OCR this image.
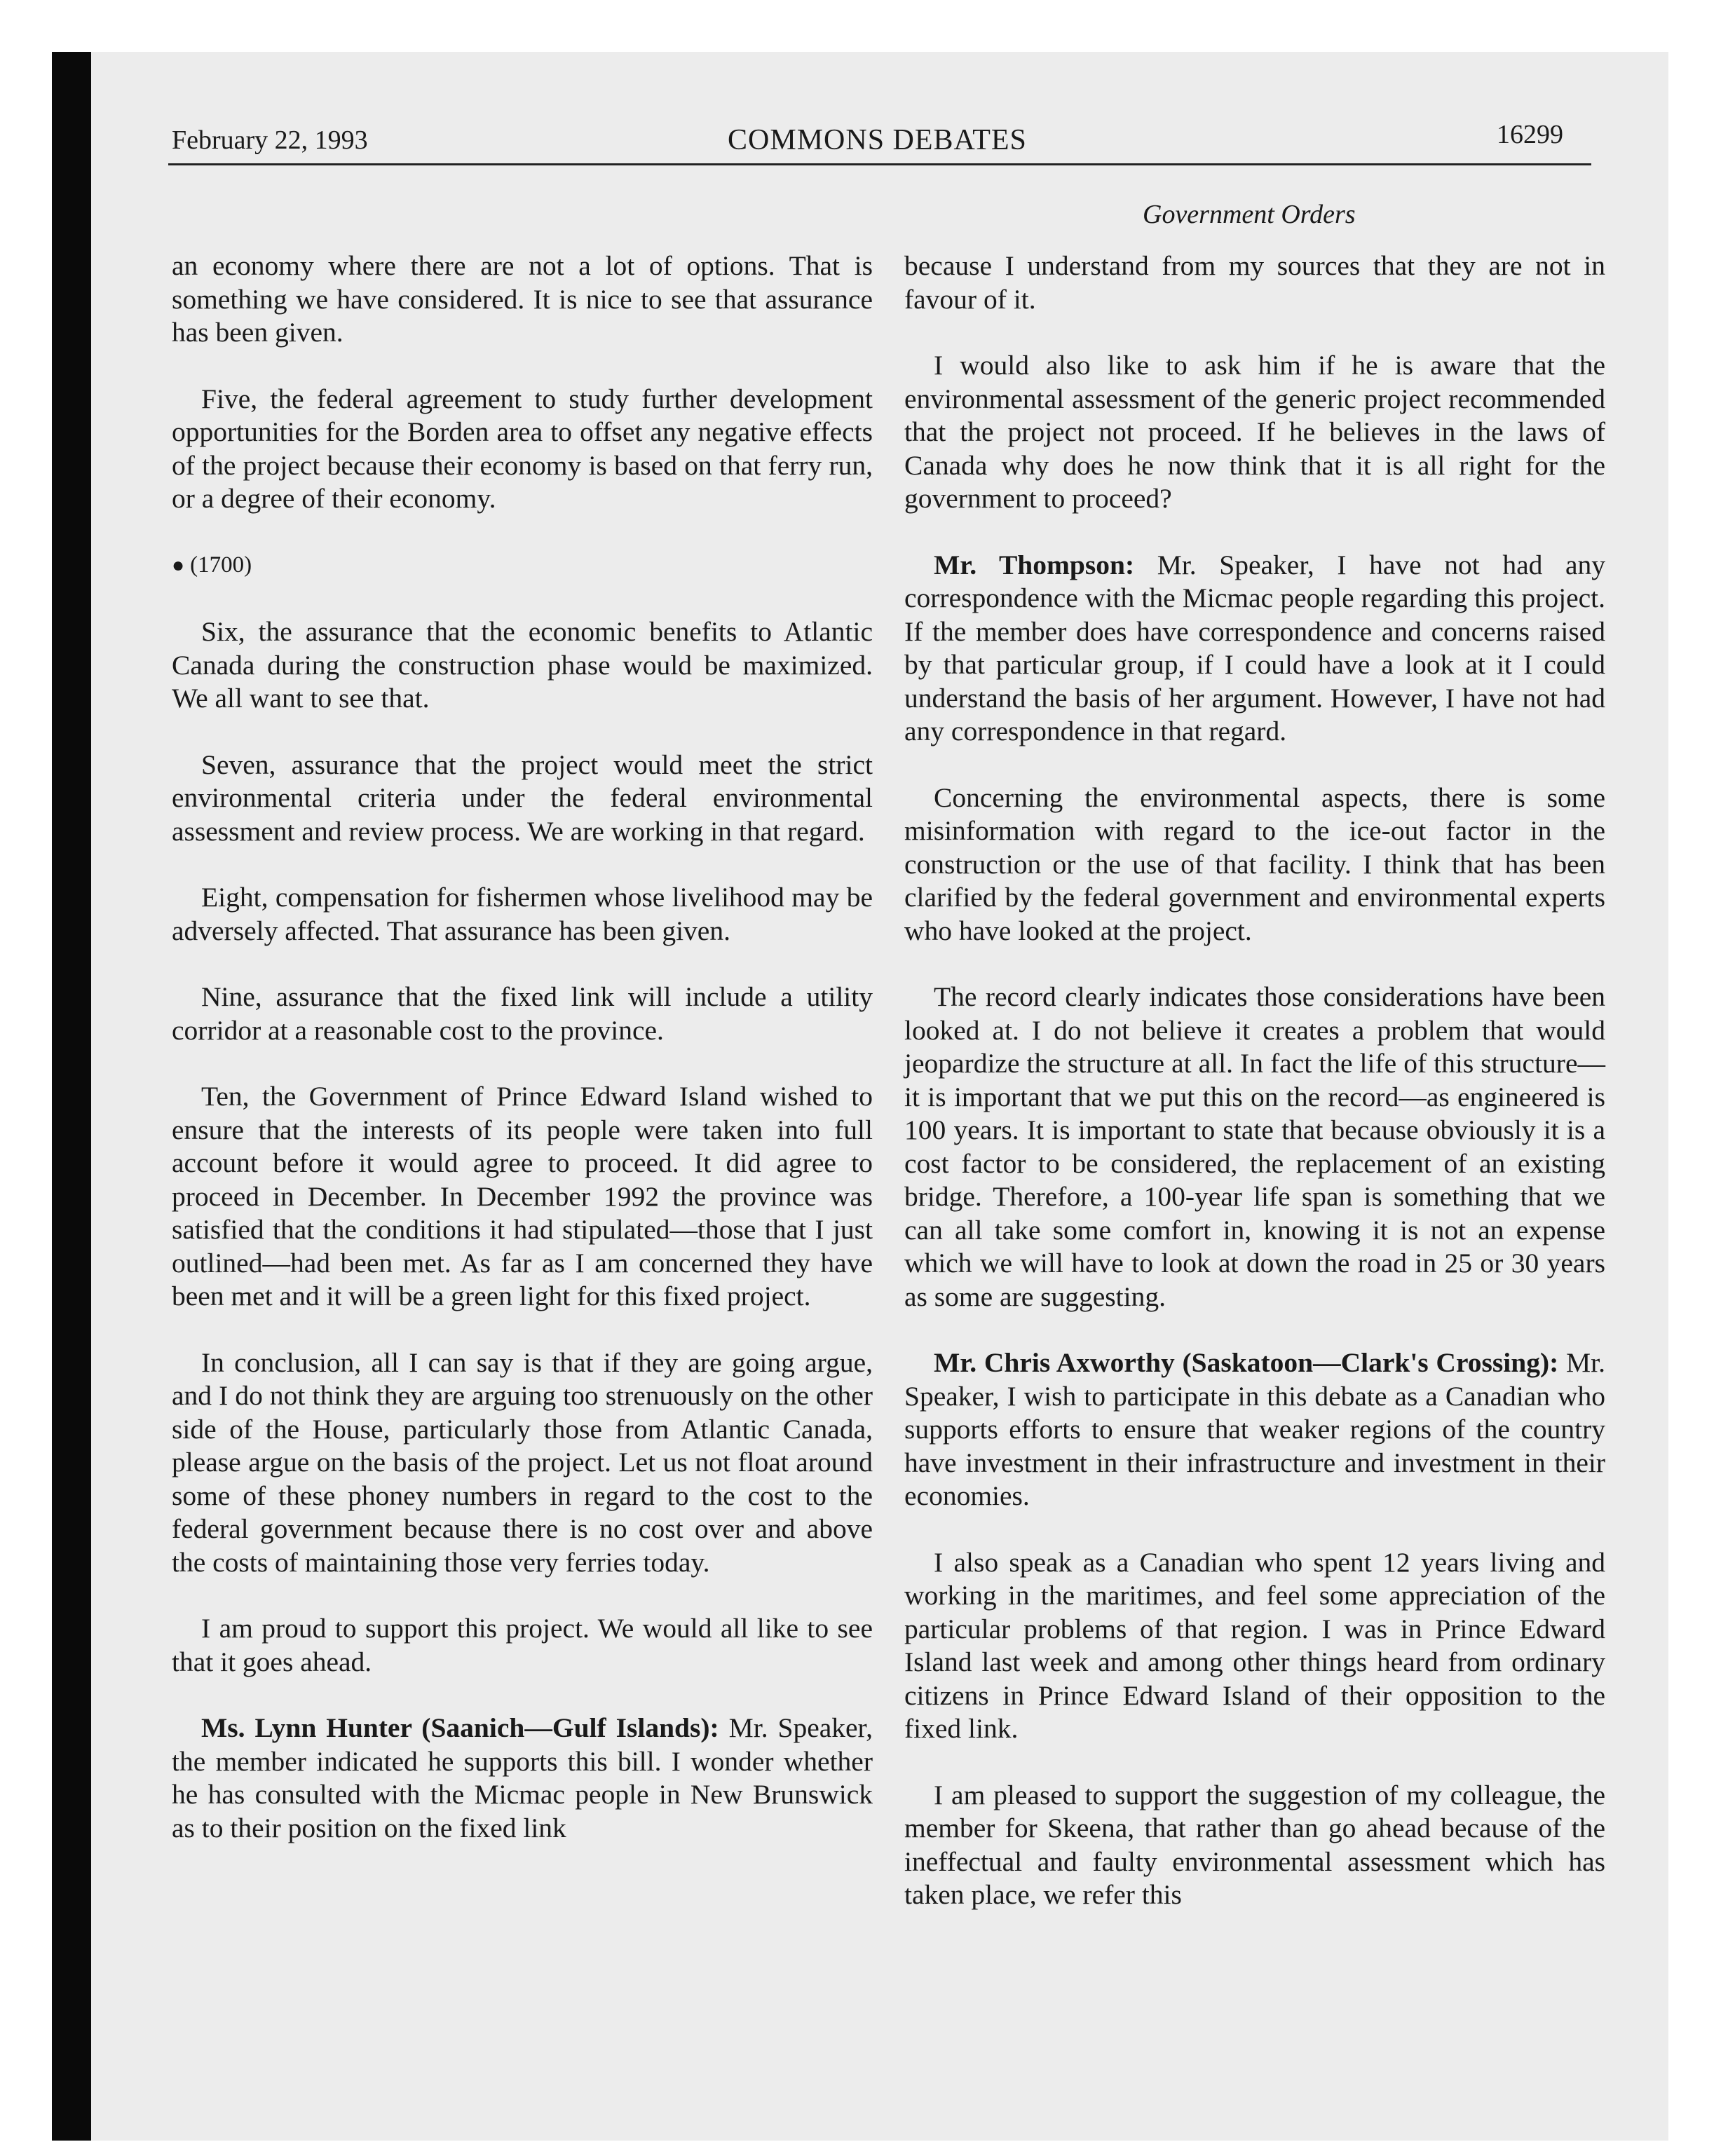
February 22, 1993	COMMONS DEBATES	16299
Government Orders

an economy where there are not a lot of options. That is something we have considered. It is nice to see that assurance has been given.

Five, the federal agreement to study further development opportunities for the Borden area to offset any negative effects of the project because their economy is based on that ferry run, or a degree of their economy.

● (1700)

Six, the assurance that the economic benefits to Atlantic Canada during the construction phase would be maximized. We all want to see that.

Seven, assurance that the project would meet the strict environmental criteria under the federal environmental assessment and review process. We are working in that regard.

Eight, compensation for fishermen whose livelihood may be adversely affected. That assurance has been given.

Nine, assurance that the fixed link will include a utility corridor at a reasonable cost to the province.

Ten, the Government of Prince Edward Island wished to ensure that the interests of its people were taken into full account before it would agree to proceed. It did agree to proceed in December. In December 1992 the province was satisfied that the conditions it had stipulated—those that I just outlined—had been met. As far as I am concerned they have been met and it will be a green light for this fixed project.

In conclusion, all I can say is that if they are going argue, and I do not think they are arguing too strenuously on the other side of the House, particularly those from Atlantic Canada, please argue on the basis of the project. Let us not float around some of these phoney numbers in regard to the cost to the federal government because there is no cost over and above the costs of maintaining those very ferries today.

I am proud to support this project. We would all like to see that it goes ahead.

Ms. Lynn Hunter (Saanich—Gulf Islands): Mr. Speaker, the member indicated he supports this bill. I wonder whether he has consulted with the Micmac people in New Brunswick as to their position on the fixed link

because I understand from my sources that they are not in favour of it.

I would also like to ask him if he is aware that the environmental assessment of the generic project recommended that the project not proceed. If he believes in the laws of Canada why does he now think that it is all right for the government to proceed?

Mr. Thompson: Mr. Speaker, I have not had any correspondence with the Micmac people regarding this project. If the member does have correspondence and concerns raised by that particular group, if I could have a look at it I could understand the basis of her argument. However, I have not had any correspondence in that regard.

Concerning the environmental aspects, there is some misinformation with regard to the ice-out factor in the construction or the use of that facility. I think that has been clarified by the federal government and environmental experts who have looked at the project.

The record clearly indicates those considerations have been looked at. I do not believe it creates a problem that would jeopardize the structure at all. In fact the life of this structure—it is important that we put this on the record—as engineered is 100 years. It is important to state that because obviously it is a cost factor to be considered, the replacement of an existing bridge. Therefore, a 100-year life span is something that we can all take some comfort in, knowing it is not an expense which we will have to look at down the road in 25 or 30 years as some are suggesting.

Mr. Chris Axworthy (Saskatoon—Clark's Crossing): Mr. Speaker, I wish to participate in this debate as a Canadian who supports efforts to ensure that weaker regions of the country have investment in their infrastructure and investment in their economies.

I also speak as a Canadian who spent 12 years living and working in the maritimes, and feel some appreciation of the particular problems of that region. I was in Prince Edward Island last week and among other things heard from ordinary citizens in Prince Edward Island of their opposition to the fixed link.

I am pleased to support the suggestion of my colleague, the member for Skeena, that rather than go ahead because of the ineffectual and faulty environmental assessment which has taken place, we refer this
